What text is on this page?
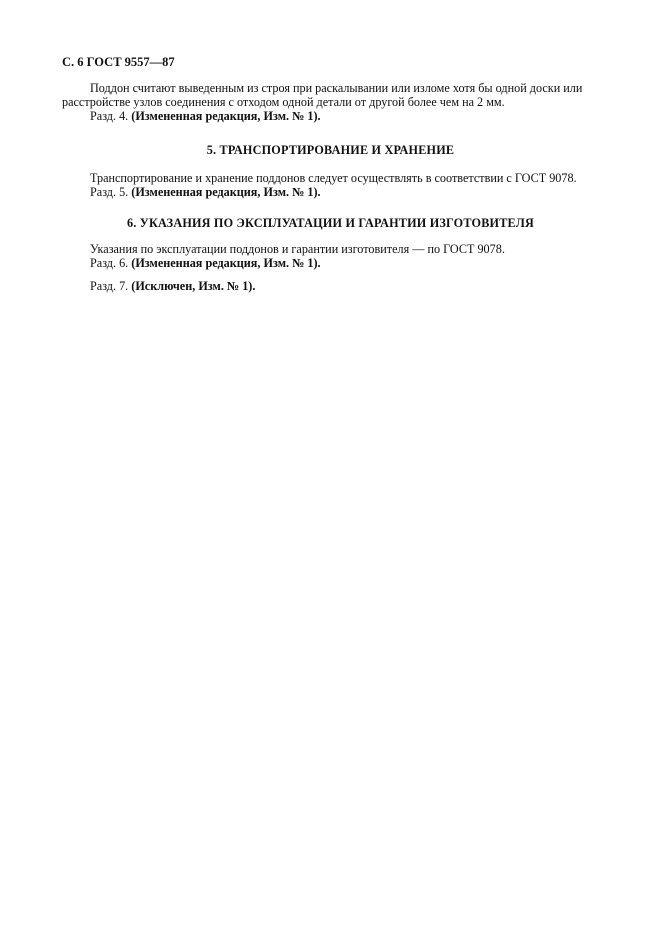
С. 6 ГОСТ 9557—87

Поддон считают выведенным из строя при раскалывании или изломе хотя бы одной доски или

расстройстве узлов соединения с отходом одной детали от другой более чем на 2 мм.

Разд. 4. (Измененная редакция, Изм. № 1).

5. ТРАНСПОРТИРОВАНИЕ И ХРАНЕНИЕ

Транспортирование и хранение поддонов следует осуществлять в соответствии с ГОСТ 9078.

Разд. 5. (Измененная редакция, Изм. № 1).

6. УКАЗАНИЯ ПО ЭКСПЛУАТАЦИИ И ГАРАНТИИ ИЗГОТОВИТЕЛЯ

Указания по эксплуатации поддонов и гарантии изготовителя — по ГОСТ 9078.

Разд. 6. (Измененная редакция, Изм. № 1).

Разд. 7. (Исключен, Изм. № 1).
